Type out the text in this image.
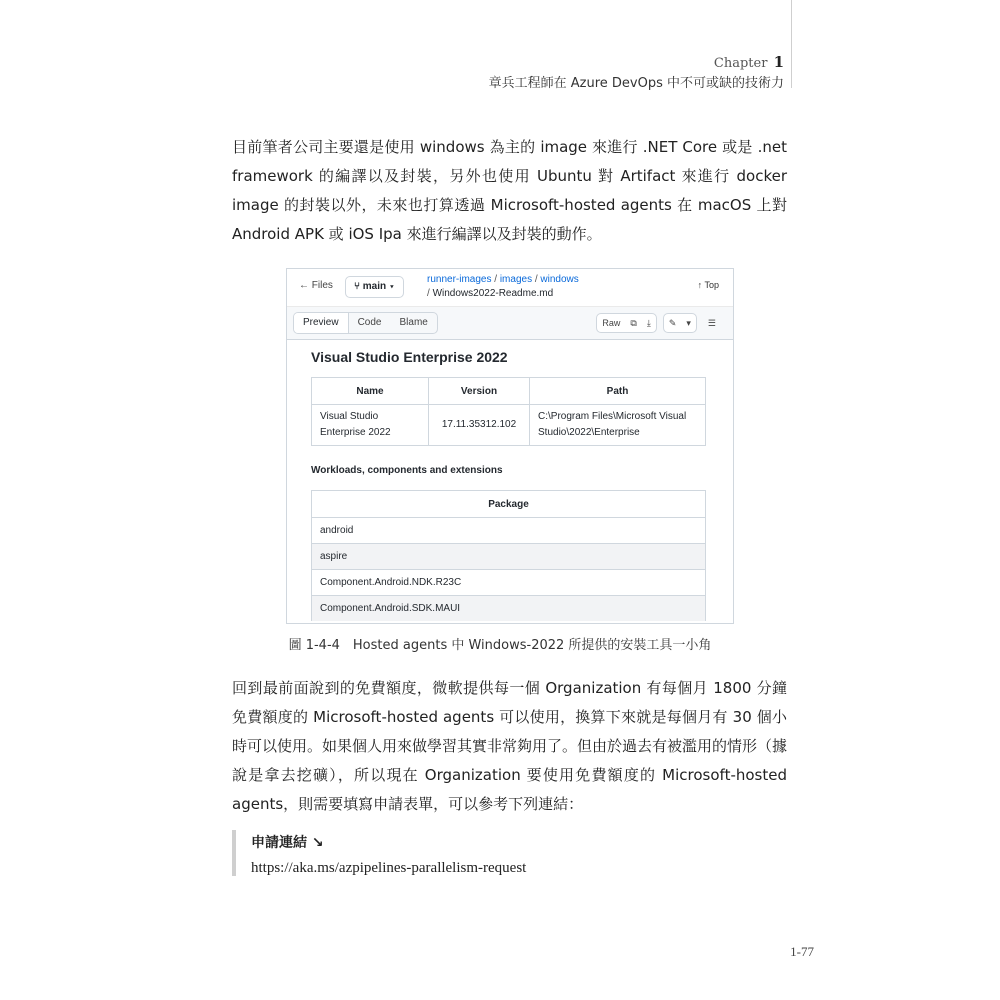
Chapter 1
章兵工程師在 Azure DevOps 中不可或缺的技術力
目前筆者公司主要還是使用 windows 為主的 image 來進行 .NET Core 或是 .net framework 的編譯以及封裝，另外也使用 Ubuntu 對 Artifact 來進行 docker image 的封裝以外，未來也打算透過 Microsoft-hosted agents 在 macOS 上對 Android APK 或 iOS Ipa 來進行編譯以及封裝的動作。
← Files	⑂ main ▾
runner-images / images / windows
/ Windows2022-Readme.md
↑ Top
Preview	Code	Blame	Raw	⧉	⤓	✎	▾	☰
Visual Studio Enterprise 2022
Name	Version	Path
Visual Studio Enterprise 2022	17.11.35312.102	C:\Program Files\Microsoft Visual Studio\2022\Enterprise
Workloads, components and extensions
Package
android
aspire
Component.Android.NDK.R23C
Component.Android.SDK.MAUI
圖 1-4-4　Hosted agents 中 Windows-2022 所提供的安裝工具一小角
回到最前面說到的免費額度，微軟提供每一個 Organization 有每個月 1800 分鐘免費額度的 Microsoft-hosted agents 可以使用，換算下來就是每個月有 30 個小時可以使用。如果個人用來做學習其實非常夠用了。但由於過去有被濫用的情形（據說是拿去挖礦），所以現在 Organization 要使用免費額度的 Microsoft-hosted agents，則需要填寫申請表單，可以參考下列連結：
申請連結 ↘
https://aka.ms/azpipelines-parallelism-request
1-77
